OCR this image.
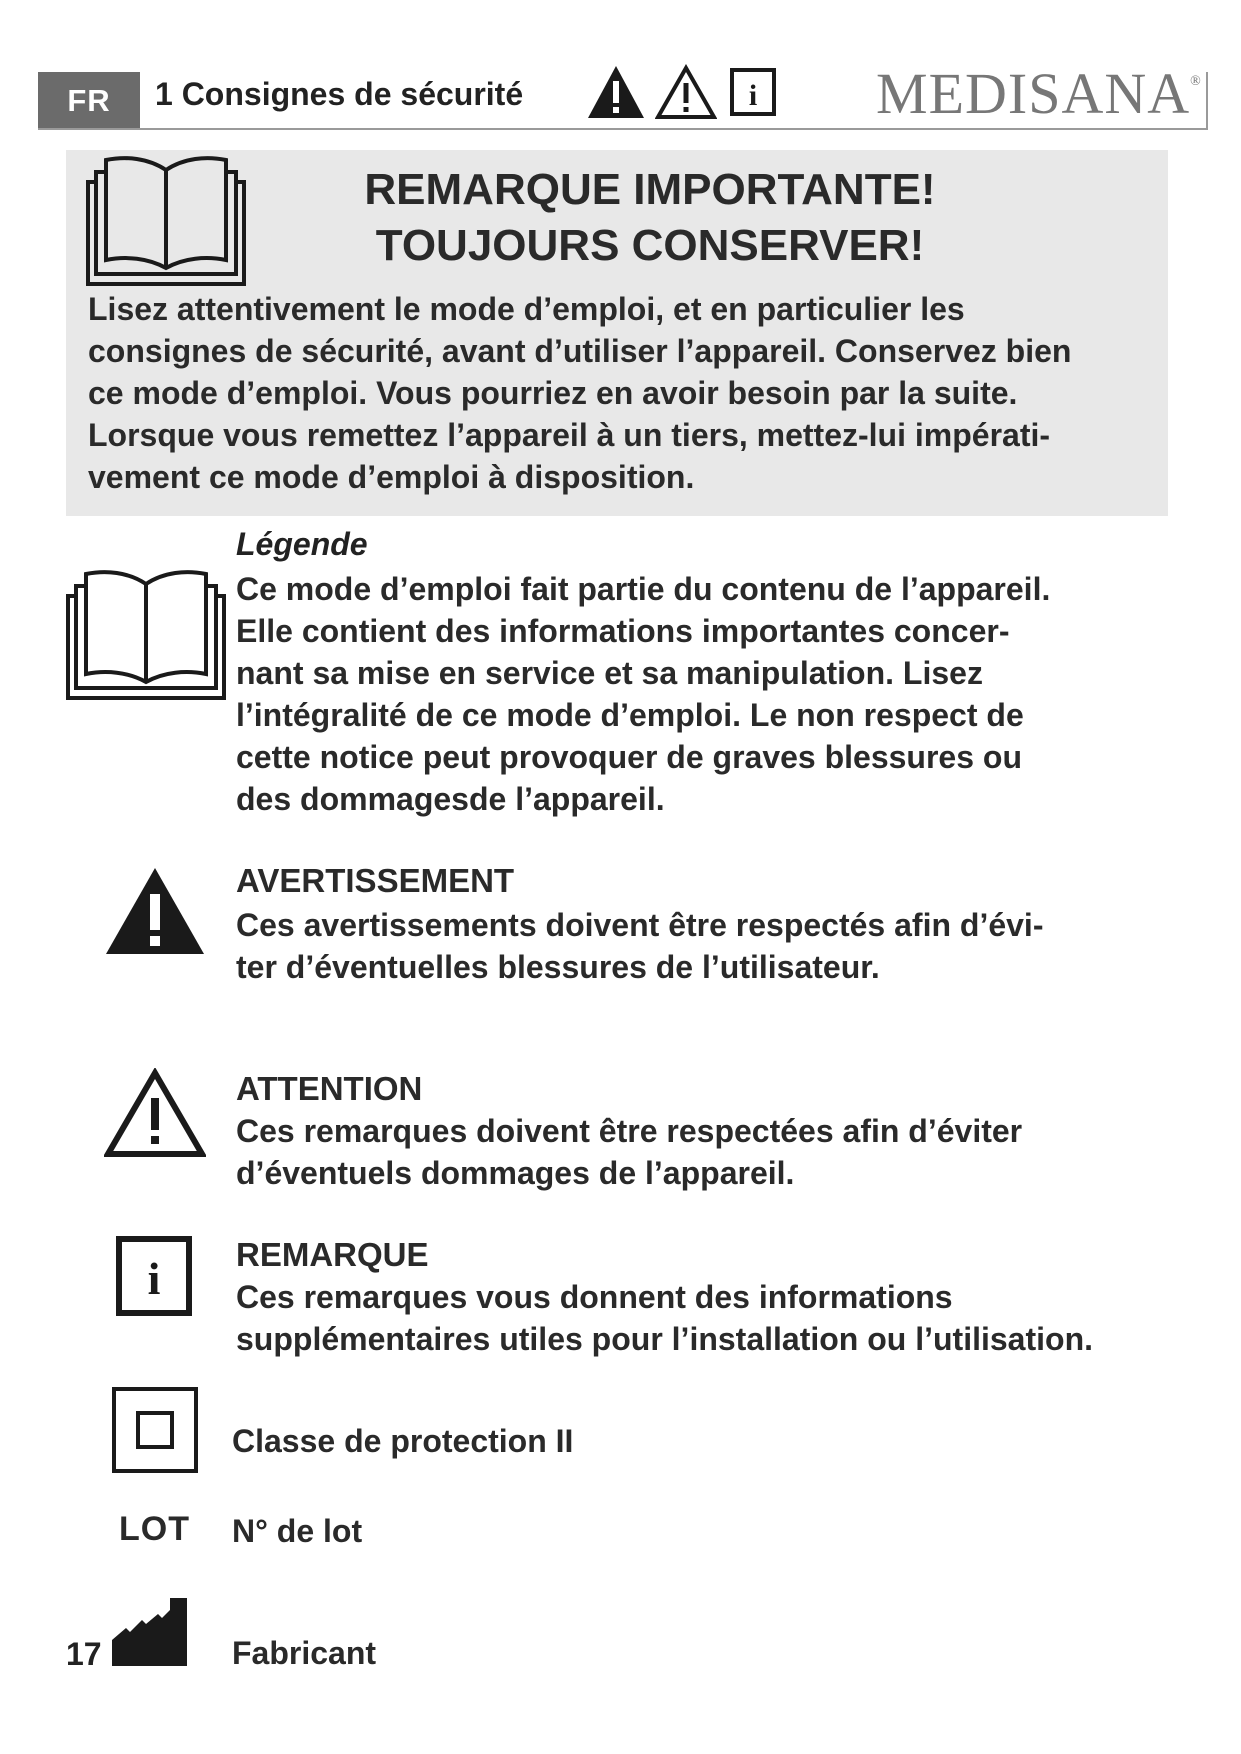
FR	1 Consignes de sécurité	i MEDISANA®
REMARQUE IMPORTANTE!
TOUJOURS CONSERVER!
Lisez attentivement le mode d’emploi, et en particulier les
consignes de sécurité, avant d’utiliser l’appareil. Conservez bien
ce mode d’emploi. Vous pourriez en avoir besoin par la suite.
Lorsque vous remettez l’appareil à un tiers, mettez-lui impérati-
vement ce mode d’emploi à disposition.
Légende
Ce mode d’emploi fait partie du contenu de l’appareil.
Elle contient des informations importantes concer-
nant sa mise en service et sa manipulation. Lisez
l’intégralité de ce mode d’emploi. Le non respect de
cette notice peut provoquer de graves blessures ou
des dommagesde l’appareil.
AVERTISSEMENT
Ces avertissements doivent être respectés afin d’évi-
ter d’éventuelles blessures de l’utilisateur.
ATTENTION
Ces remarques doivent être respectées afin d’éviter
d’éventuels dommages de l’appareil.
i REMARQUE
Ces remarques vous donnent des informations
supplémentaires utiles pour l’installation ou l’utilisation.
Classe de protection II
LOT N° de lot
17	Fabricant
